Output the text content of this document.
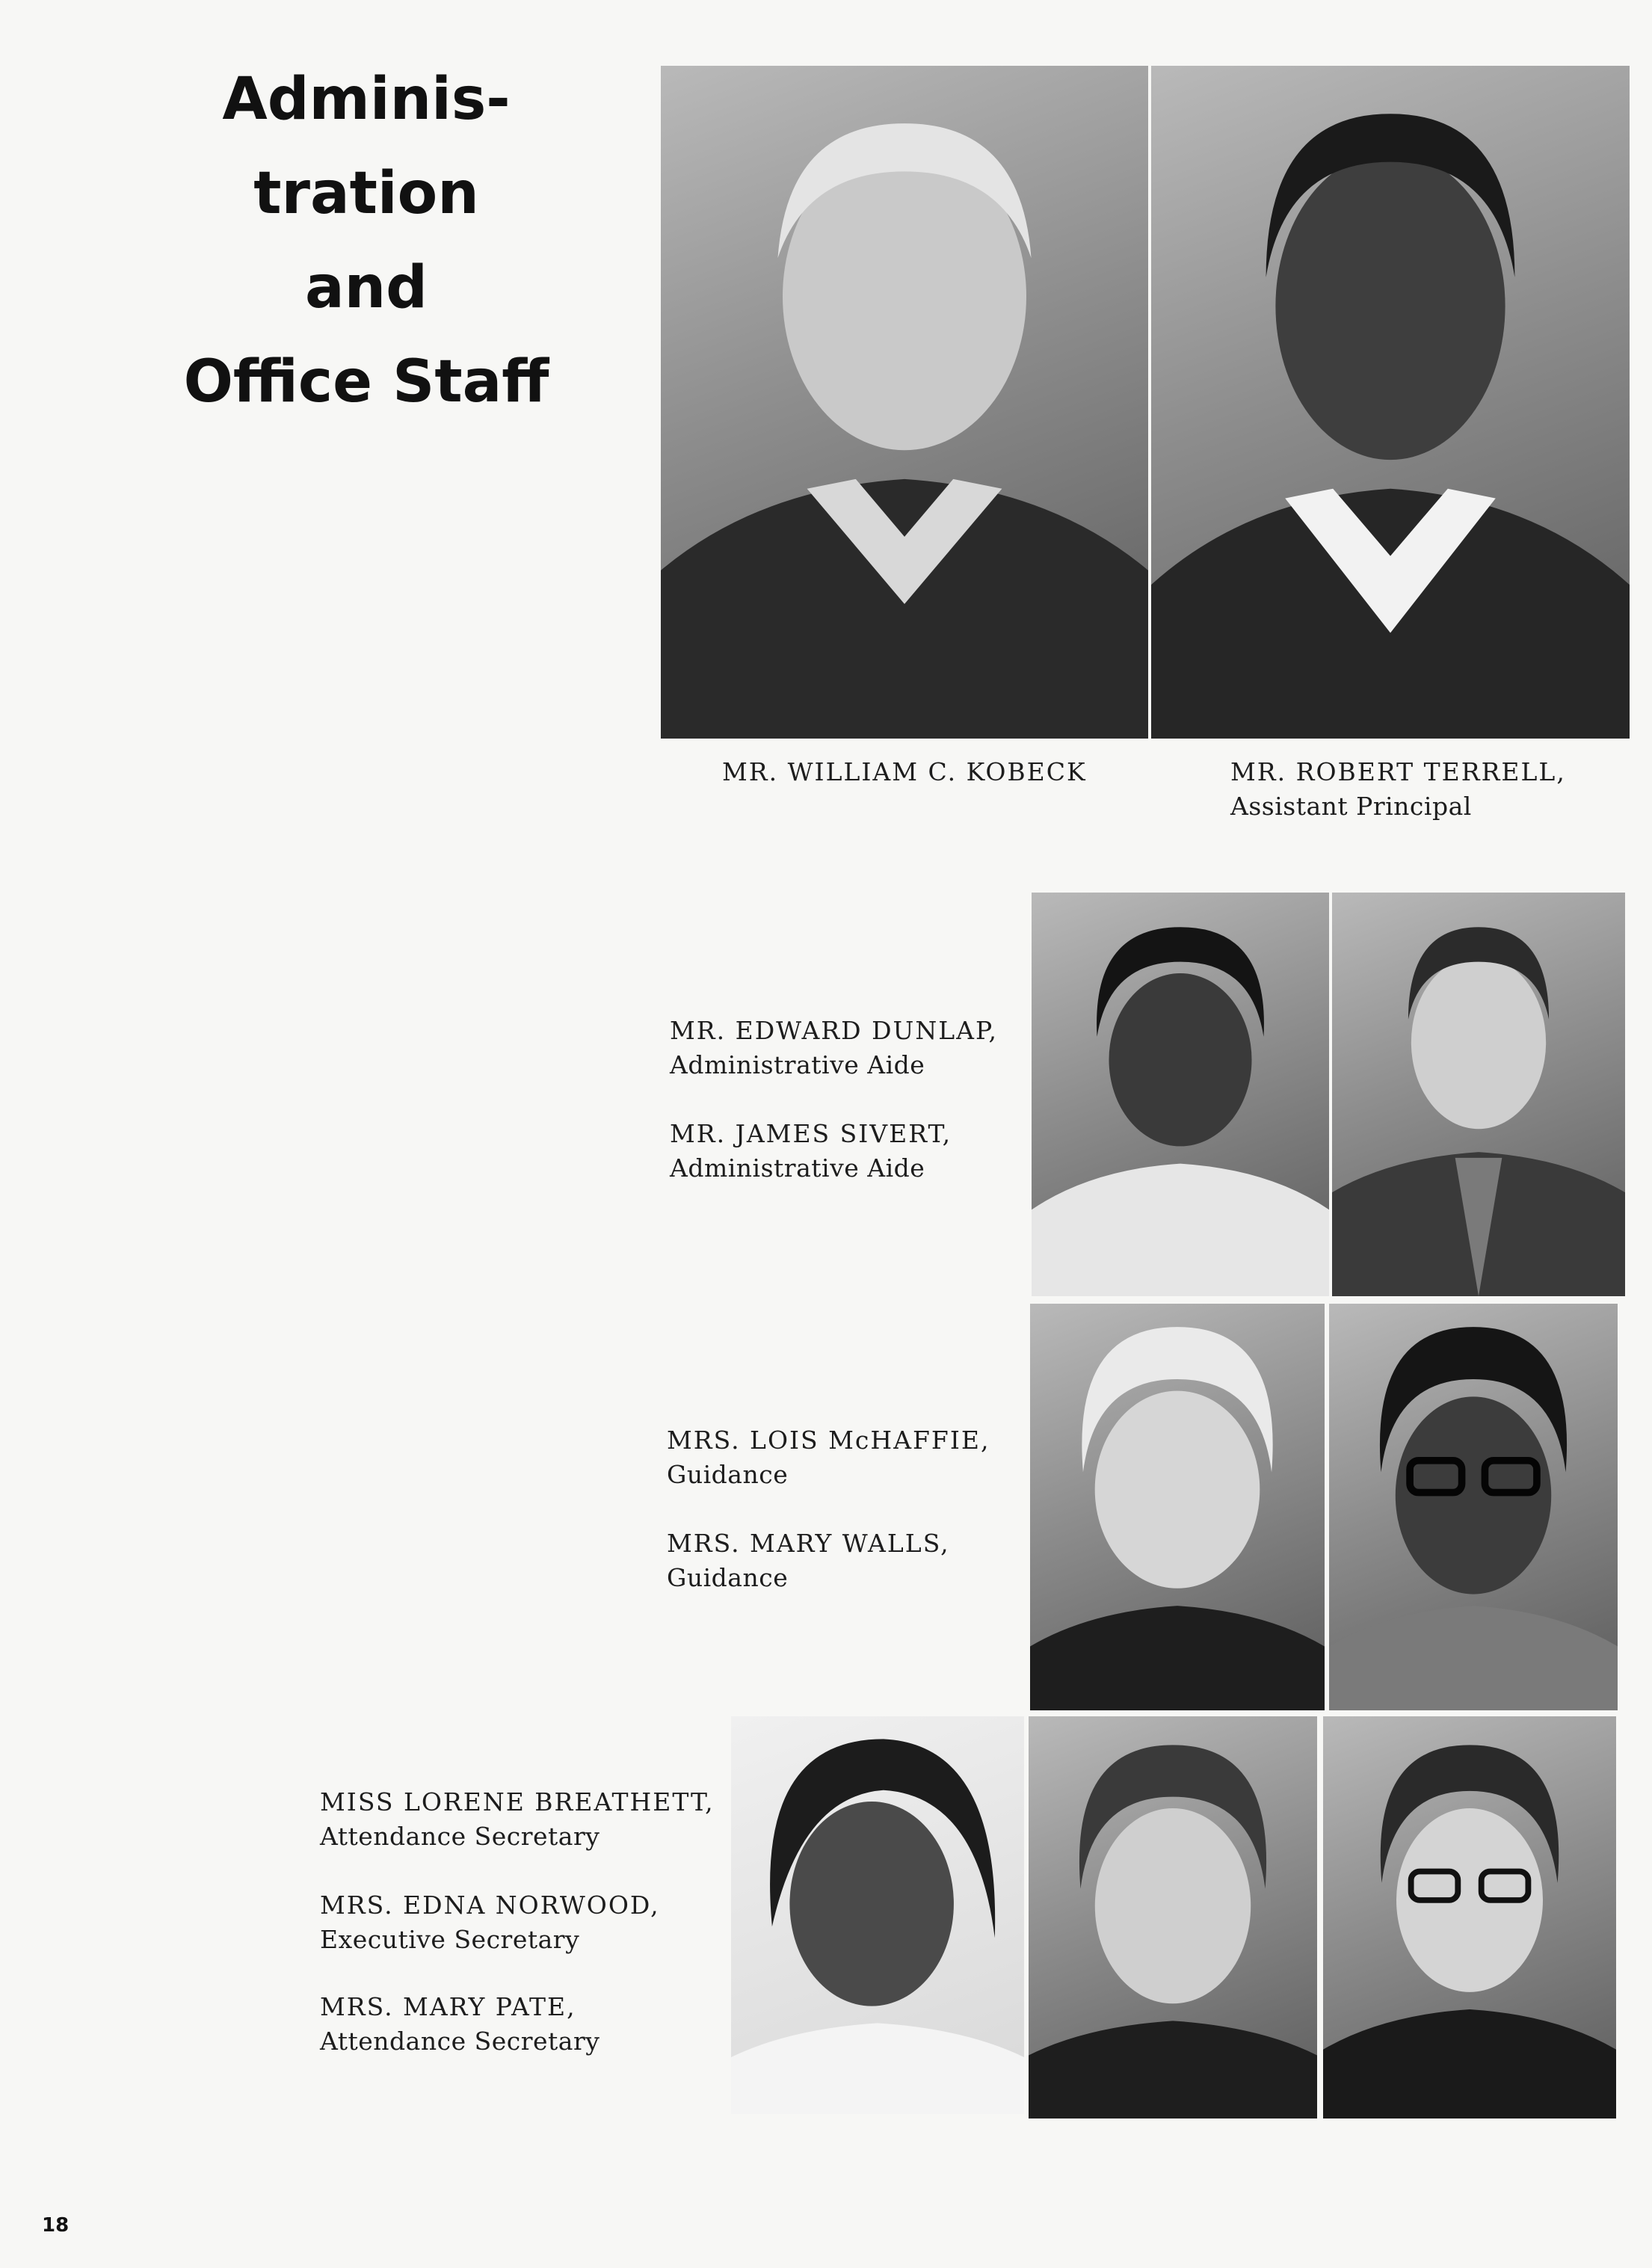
Adminis-
tration
and
Office Staff
MR. WILLIAM C. KOBECK	MR. ROBERT TERRELL,
Assistant Principal
MR. EDWARD DUNLAP,
Administrative Aide
MR. JAMES SIVERT,
Administrative Aide
MRS. LOIS McHAFFIE,
Guidance
MRS. MARY WALLS,
Guidance
MISS LORENE BREATHETT,
Attendance Secretary
MRS. EDNA NORWOOD,
Executive Secretary
MRS. MARY PATE,
Attendance Secretary
18
